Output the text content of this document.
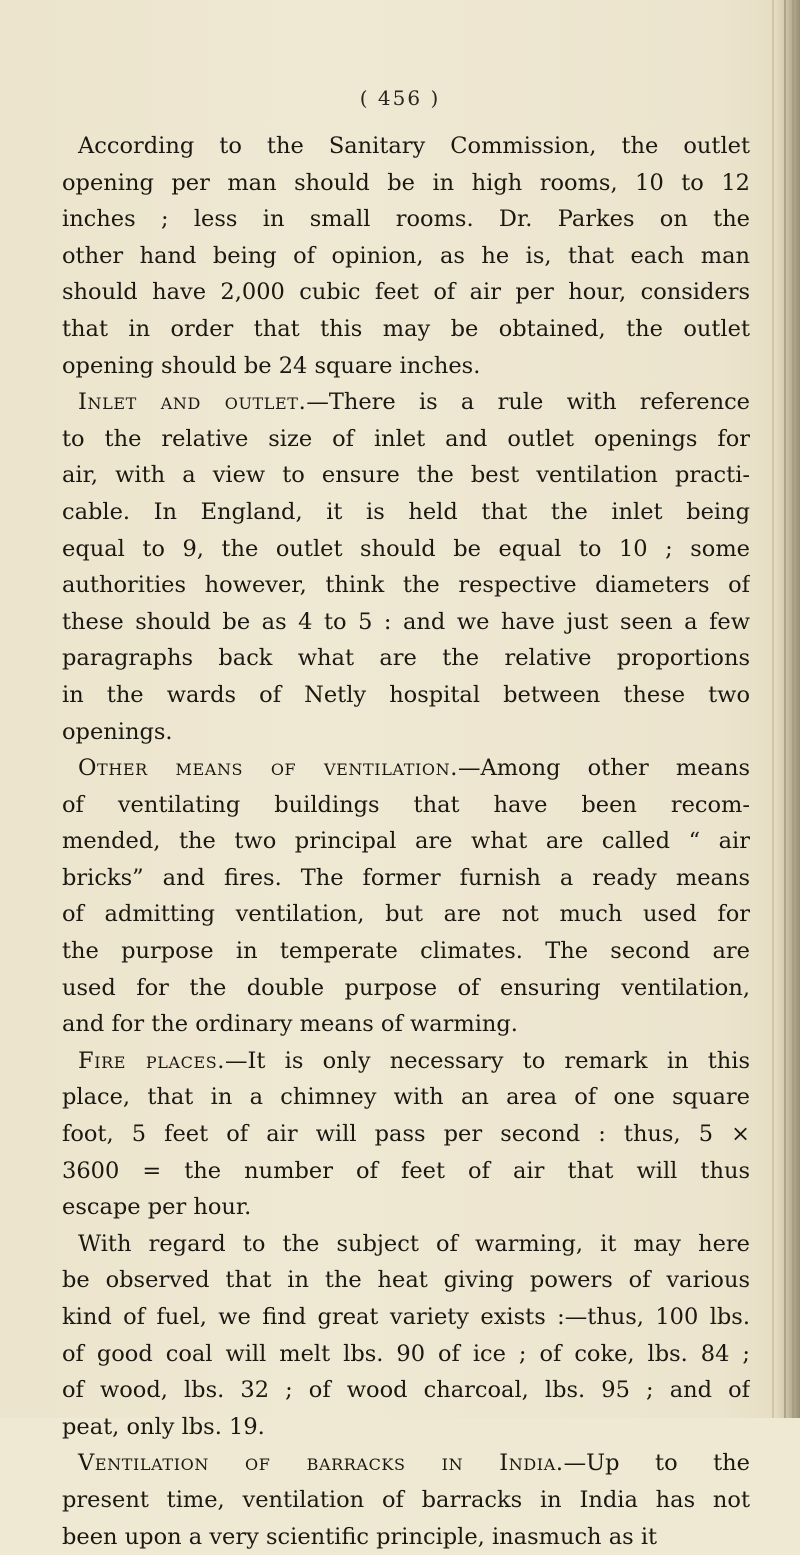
( 456 )

According to the Sanitary Commission, the outlet
opening per man should be in high rooms, 10 to 12
inches ; less in small rooms. Dr. Parkes on the
other hand being of opinion, as he is, that each man
should have 2,000 cubic feet of air per hour, considers
that in order that this may be obtained, the outlet
opening should be 24 square inches.
Inlet and outlet.—There is a rule with reference
to the relative size of inlet and outlet openings for
air, with a view to ensure the best ventilation practi-
cable. In England, it is held that the inlet being
equal to 9, the outlet should be equal to 10 ; some
authorities however, think the respective diameters of
these should be as 4 to 5 : and we have just seen a few
paragraphs back what are the relative proportions
in the wards of Netly hospital between these two
openings.
Other means of ventilation.—Among other means
of ventilating buildings that have been recom-
mended, the two principal are what are called “ air
bricks” and fires. The former furnish a ready means
of admitting ventilation, but are not much used for
the purpose in temperate climates. The second are
used for the double purpose of ensuring ventilation,
and for the ordinary means of warming.
Fire places.—It is only necessary to remark in this
place, that in a chimney with an area of one square
foot, 5 feet of air will pass per second : thus, 5 ×
3600 = the number of feet of air that will thus
escape per hour.
With regard to the subject of warming, it may here
be observed that in the heat giving powers of various
kind of fuel, we find great variety exists :—thus, 100 lbs.
of good coal will melt lbs. 90 of ice ; of coke, lbs. 84 ;
of wood, lbs. 32 ; of wood charcoal, lbs. 95 ; and of
peat, only lbs. 19.
Ventilation of barracks in India.—Up to the
present time, ventilation of barracks in India has not
been upon a very scientific principle, inasmuch as it
